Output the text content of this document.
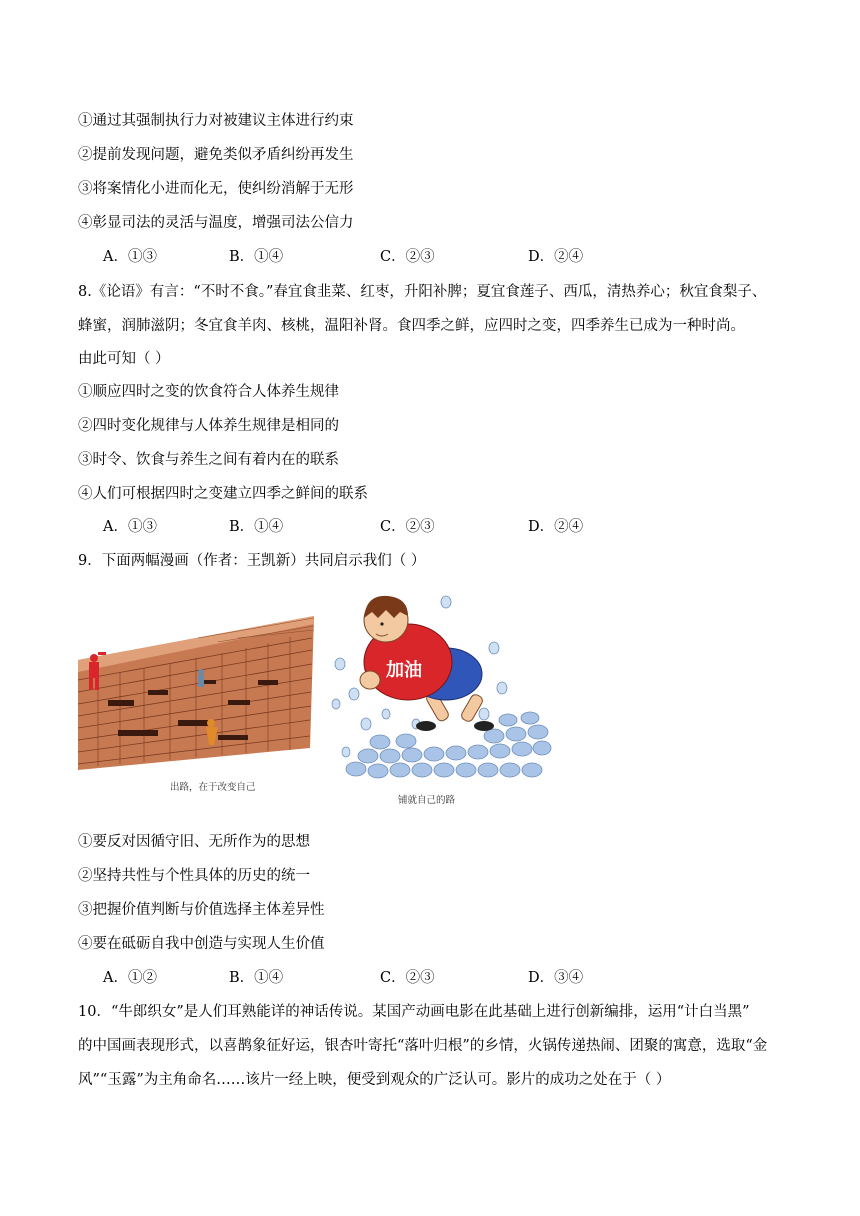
①通过其强制执行力对被建议主体进行约束
②提前发现问题，避免类似矛盾纠纷再发生
③将案情化小进而化无，使纠纷消解于无形
④彰显司法的灵活与温度，增强司法公信力
A．①③	B．①④	C．②③	D．②④
8.《论语》有言：“不时不食。”春宜食韭菜、红枣，升阳补脾；夏宜食莲子、西瓜，清热养心；秋宜食梨子、
蜂蜜，润肺滋阴；冬宜食羊肉、核桃，温阳补肾。食四季之鲜，应四时之变，四季养生已成为一种时尚。
由此可知（ ）
①顺应四时之变的饮食符合人体养生规律
②四时变化规律与人体养生规律是相同的
③时令、饮食与养生之间有着内在的联系
④人们可根据四时之变建立四季之鲜间的联系
A．①③	B．①④	C．②③	D．②④
9．下面两幅漫画（作者：王凯新）共同启示我们（ ）
出路，在于改变自己
加油
铺就自己的路
①要反对因循守旧、无所作为的思想
②坚持共性与个性具体的历史的统一
③把握价值判断与价值选择主体差异性
④要在砥砺自我中创造与实现人生价值
A．①②	B．①④	C．②③	D．③④
10．“牛郎织女”是人们耳熟能详的神话传说。某国产动画电影在此基础上进行创新编排，运用“计白当黑”
的中国画表现形式，以喜鹊象征好运，银杏叶寄托“落叶归根”的乡情，火锅传递热闹、团聚的寓意，选取“金
风”“玉露”为主角命名……该片一经上映，便受到观众的广泛认可。影片的成功之处在于（ ）
